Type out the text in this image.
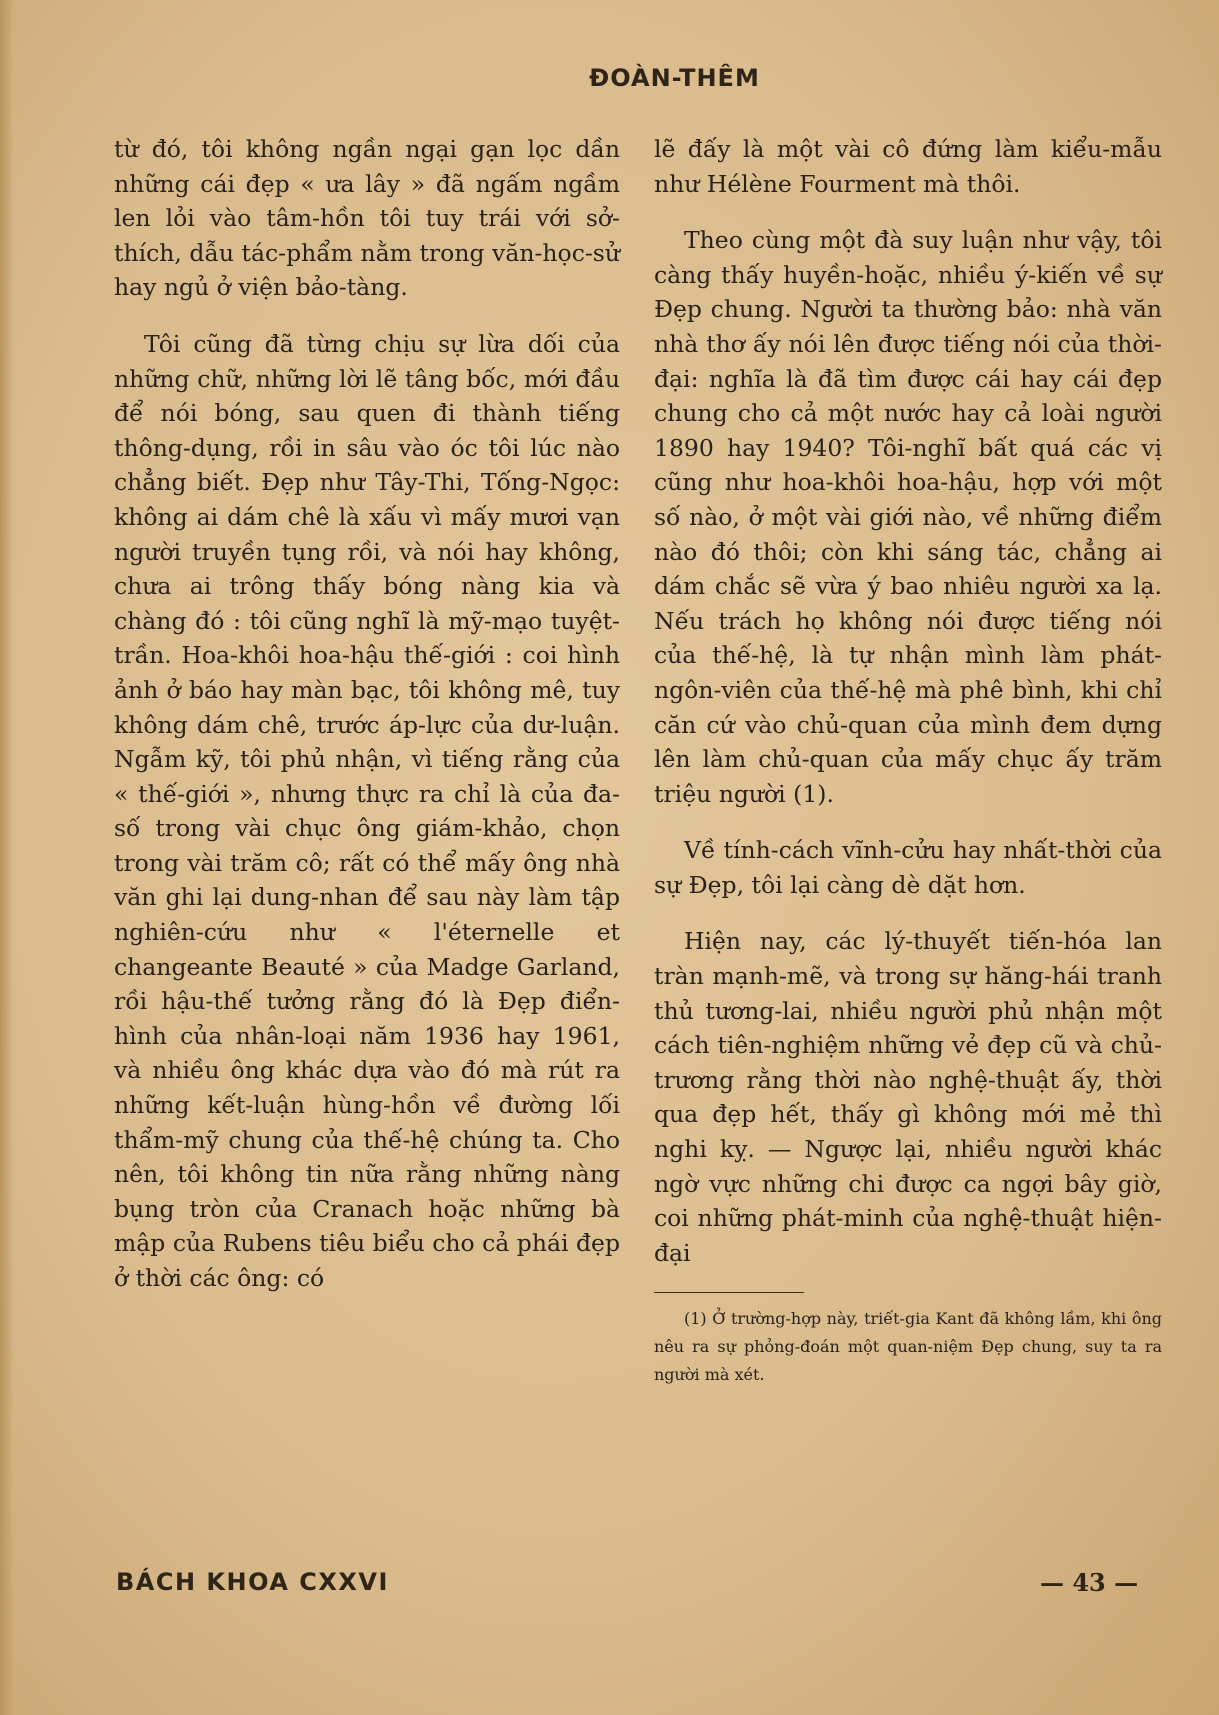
ĐOÀN-THÊM

từ đó, tôi không ngần ngại gạn lọc dần những cái đẹp « ưa lây » đã ngấm ngầm len lỏi vào tâm-hồn tôi tuy trái với sở-thích, dẫu tác-phẩm nằm trong văn-học-sử hay ngủ ở viện bảo-tàng.

Tôi cũng đã từng chịu sự lừa dối của những chữ, những lời lẽ tâng bốc, mới đầu để nói bóng, sau quen đi thành tiếng thông-dụng, rồi in sâu vào óc tôi lúc nào chẳng biết. Đẹp như Tây-Thi, Tống-Ngọc: không ai dám chê là xấu vì mấy mươi vạn người truyền tụng rồi, và nói hay không, chưa ai trông thấy bóng nàng kia và chàng đó : tôi cũng nghĩ là mỹ-mạo tuyệt-trần. Hoa-khôi hoa-hậu thế-giới : coi hình ảnh ở báo hay màn bạc, tôi không mê, tuy không dám chê, trước áp-lực của dư-luận. Ngẫm kỹ, tôi phủ nhận, vì tiếng rằng của « thế-giới », nhưng thực ra chỉ là của đa-số trong vài chục ông giám-khảo, chọn trong vài trăm cô; rất có thể mấy ông nhà văn ghi lại dung-nhan để sau này làm tập nghiên-cứu như « l'éternelle et changeante Beauté » của Madge Garland, rồi hậu-thế tưởng rằng đó là Đẹp điển-hình của nhân-loại năm 1936 hay 1961, và nhiều ông khác dựa vào đó mà rút ra những kết-luận hùng-hồn về đường lối thẩm-mỹ chung của thế-hệ chúng ta. Cho nên, tôi không tin nữa rằng những nàng bụng tròn của Cranach hoặc những bà mập của Rubens tiêu biểu cho cả phái đẹp ở thời các ông: có

lẽ đấy là một vài cô đứng làm kiểu-mẫu như Hélène Fourment mà thôi.

Theo cùng một đà suy luận như vậy, tôi càng thấy huyền-hoặc, nhiều ý-kiến về sự Đẹp chung. Người ta thường bảo: nhà văn nhà thơ ấy nói lên được tiếng nói của thời-đại: nghĩa là đã tìm được cái hay cái đẹp chung cho cả một nước hay cả loài người 1890 hay 1940? Tôi-nghĩ bất quá các vị cũng như hoa-khôi hoa-hậu, hợp với một số nào, ở một vài giới nào, về những điểm nào đó thôi; còn khi sáng tác, chẳng ai dám chắc sẽ vừa ý bao nhiêu người xa lạ. Nếu trách họ không nói được tiếng nói của thế-hệ, là tự nhận mình làm phát-ngôn-viên của thế-hệ mà phê bình, khi chỉ căn cứ vào chủ-quan của mình đem dựng lên làm chủ-quan của mấy chục ấy trăm triệu người (1).

Về tính-cách vĩnh-cửu hay nhất-thời của sự Đẹp, tôi lại càng dè dặt hơn.

Hiện nay, các lý-thuyết tiến-hóa lan tràn mạnh-mẽ, và trong sự hăng-hái tranh thủ tương-lai, nhiều người phủ nhận một cách tiên-nghiệm những vẻ đẹp cũ và chủ-trương rằng thời nào nghệ-thuật ấy, thời qua đẹp hết, thấy gì không mới mẻ thì nghi kỵ. — Ngược lại, nhiều người khác ngờ vực những chi được ca ngợi bây giờ, coi những phát-minh của nghệ-thuật hiện-đại

(1) Ở trường-hợp này, triết-gia Kant đã không lầm, khi ông nêu ra sự phỏng-đoán một quan-niệm Đẹp chung, suy ta ra người mà xét.

BÁCH KHOA CXXVI	— 43 —
